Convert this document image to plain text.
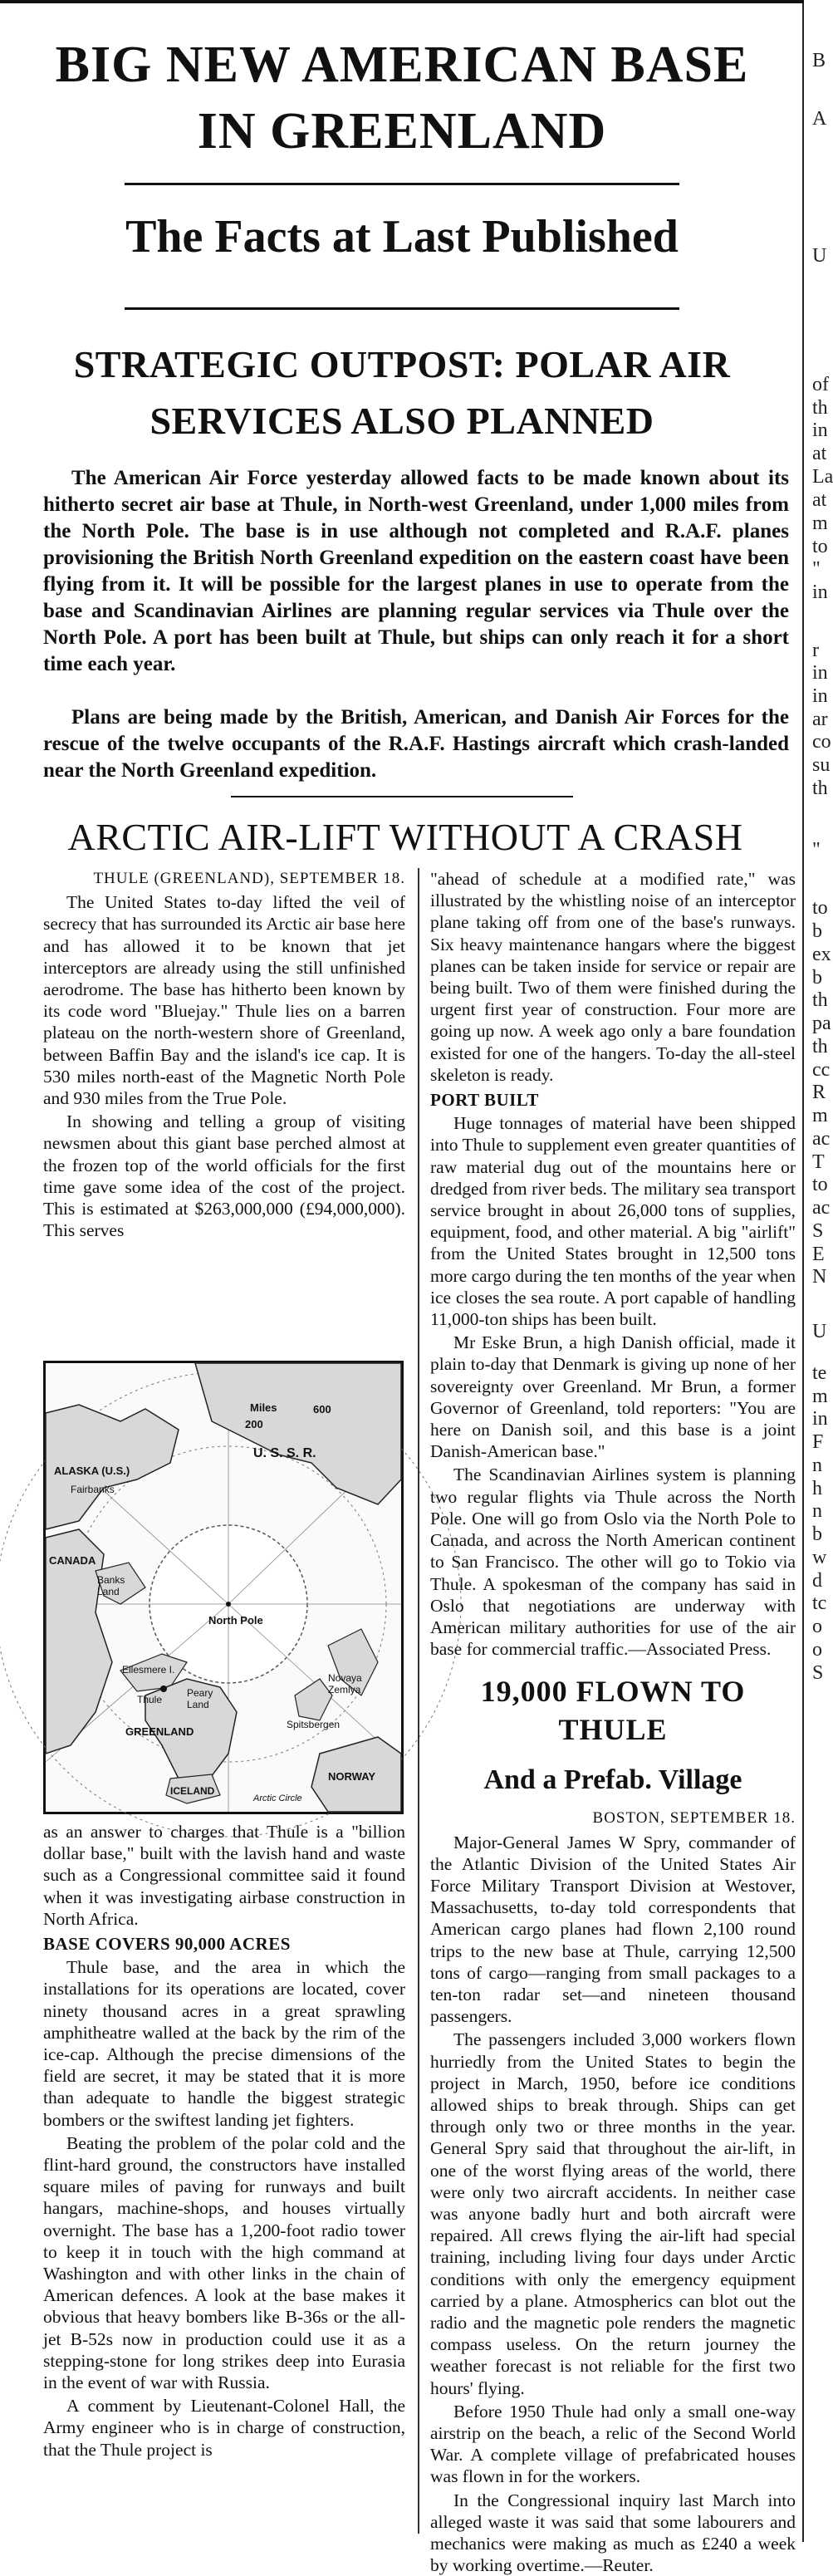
BIG NEW AMERICAN BASE
IN GREENLAND
The Facts at Last Published
STRATEGIC OUTPOST: POLAR AIR
SERVICES ALSO PLANNED
The American Air Force yesterday allowed facts to be made known about its hitherto secret air base at Thule, in North-west Greenland, under 1,000 miles from the North Pole. The base is in use although not completed and R.A.F. planes provisioning the British North Greenland expedition on the eastern coast have been flying from it. It will be possible for the largest planes in use to operate from the base and Scandinavian Airlines are planning regular services via Thule over the North Pole. A port has been built at Thule, but ships can only reach it for a short time each year.
Plans are being made by the British, American, and Danish Air Forces for the rescue of the twelve occupants of the R.A.F. Hastings aircraft which crash-landed near the North Greenland expedition.
ARCTIC AIR-LIFT WITHOUT A CRASH

THULE (GREENLAND), SEPTEMBER 18.

The United States to-day lifted the veil of secrecy that has surrounded its Arctic air base here and has allowed it to be known that jet interceptors are already using the still unfinished aerodrome. The base has hitherto been known by its code word "Bluejay." Thule lies on a barren plateau on the north-western shore of Greenland, between Baffin Bay and the island's ice cap. It is 530 miles north-east of the Magnetic North Pole and 930 miles from the True Pole.

In showing and telling a group of visiting newsmen about this giant base perched almost at the frozen top of the world officials for the first time gave some idea of the cost of the project. This is estimated at $263,000,000 (£94,000,000). This serves

Miles
200
600
ALASKA (U.S.)
Fairbanks
U. S. S. R.
CANADA
Banks Land
North Pole
Ellesmere I.
Thule
Peary Land
GREENLAND
Novaya Zemlya
Spitsbergen
NORWAY
ICELAND
Arctic Circle

as an answer to charges that Thule is a "billion dollar base," built with the lavish hand and waste such as a Congressional committee said it found when it was investigating airbase construction in North Africa.

BASE COVERS 90,000 ACRES

Thule base, and the area in which the installations for its operations are located, cover ninety thousand acres in a great sprawling amphitheatre walled at the back by the rim of the ice-cap. Although the precise dimensions of the field are secret, it may be stated that it is more than adequate to handle the biggest strategic bombers or the swiftest landing jet fighters.

Beating the problem of the polar cold and the flint-hard ground, the constructors have installed square miles of paving for runways and built hangars, machine-shops, and houses virtually overnight. The base has a 1,200-foot radio tower to keep it in touch with the high command at Washington and with other links in the chain of American defences. A look at the base makes it obvious that heavy bombers like B-36s or the all-jet B-52s now in production could use it as a stepping-stone for long strikes deep into Eurasia in the event of war with Russia.

A comment by Lieutenant-Colonel Hall, the Army engineer who is in charge of construction, that the Thule project is

"ahead of schedule at a modified rate," was illustrated by the whistling noise of an interceptor plane taking off from one of the base's runways. Six heavy maintenance hangars where the biggest planes can be taken inside for service or repair are being built. Two of them were finished during the urgent first year of construction. Four more are going up now. A week ago only a bare foundation existed for one of the hangers. To-day the all-steel skeleton is ready.

PORT BUILT

Huge tonnages of material have been shipped into Thule to supplement even greater quantities of raw material dug out of the mountains here or dredged from river beds. The military sea transport service brought in about 26,000 tons of supplies, equipment, food, and other material. A big "airlift" from the United States brought in 12,500 tons more cargo during the ten months of the year when ice closes the sea route. A port capable of handling 11,000-ton ships has been built.

Mr Eske Brun, a high Danish official, made it plain to-day that Denmark is giving up none of her sovereignty over Greenland. Mr Brun, a former Governor of Greenland, told reporters: "You are here on Danish soil, and this base is a joint Danish-American base."

The Scandinavian Airlines system is planning two regular flights via Thule across the North Pole. One will go from Oslo via the North Pole to Canada, and across the North American continent to San Francisco. The other will go to Tokio via Thule. A spokesman of the company has said in Oslo that negotiations are underway with American military authorities for use of the air base for commercial traffic.—Associated Press.

19,000 FLOWN TO

THULE

And a Prefab. Village

BOSTON, SEPTEMBER 18.

Major-General James W Spry, commander of the Atlantic Division of the United States Air Force Military Transport Division at Westover, Massachusetts, to-day told correspondents that American cargo planes had flown 2,100 round trips to the new base at Thule, carrying 12,500 tons of cargo—ranging from small packages to a ten-ton radar set—and nineteen thousand passengers.

The passengers included 3,000 workers flown hurriedly from the United States to begin the project in March, 1950, before ice conditions allowed ships to break through. Ships can get through only two or three months in the year. General Spry said that throughout the air-lift, in one of the worst flying areas of the world, there were only two aircraft accidents. In neither case was anyone badly hurt and both aircraft were repaired. All crews flying the air-lift had special training, including living four days under Arctic conditions with only the emergency equipment carried by a plane. Atmospherics can blot out the radio and the magnetic pole renders the magnetic compass useless. On the return journey the weather forecast is not reliable for the first two hours' flying.

Before 1950 Thule had only a small one-way airstrip on the beach, a relic of the Second World War. A complete village of prefabricated houses was flown in for the workers.

In the Congressional inquiry last March into alleged waste it was said that some labourers and mechanics were making as much as £240 a week by working overtime.—Reuter.

B
A
U
of
th
in
at
La
at
m
to
"
in
r
in
in
ar
co
su
th
"
to
b
ex
b
th
pa
th
cc
R
m
ac
T
to
ac
S
E
N
U
te
m
in
F
n
h
n
b
w
d
tc
o
o
S
